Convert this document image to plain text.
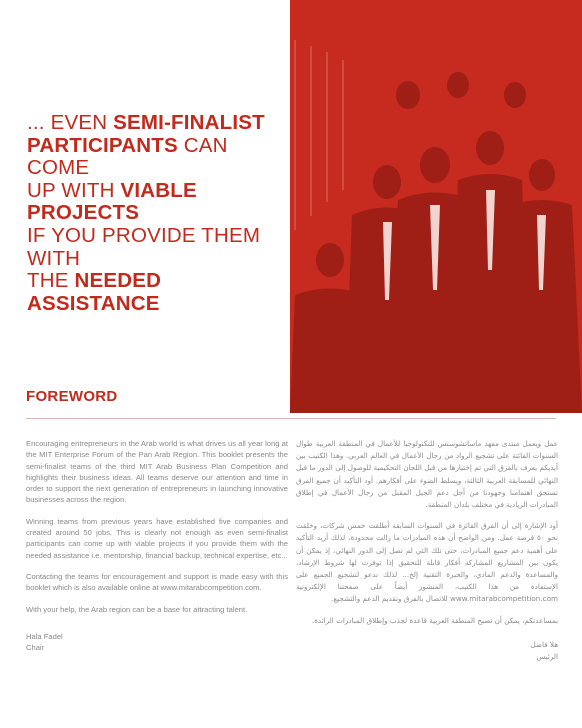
... EVEN SEMI-FINALIST
PARTICIPANTS CAN COME
UP WITH VIABLE PROJECTS
IF YOU PROVIDE THEM WITH
THE NEEDED ASSISTANCE
FOREWORD

Encouraging entrepreneurs in the Arab world is what drives us all year long at the MIT Enterprise Forum of the Pan Arab Region. This booklet presents the semi-finalist teams of the third MIT Arab Business Plan Competition and highlights their business ideas. All teams deserve our attention and time in order to support the next generation of entrepreneurs in launching innovative businesses across the region.

Winning teams from previous years have established five companies and created around 50 jobs. This is clearly not enough as even semi-finalist participants can come up with viable projects if you provide them with the needed assistance i.e. mentorship, financial backup, technical expertise, etc...

Contacting the teams for encouragement and support is made easy with this booklet which is also available online at www.mitarabcompetition.com.

With your help, the Arab region can be a base for attracting talent.

Hala Fadel
Chair

عمل ويعمل منتدى معهد ماساتشوستس للتكنولوجيا للأعمال في المنطقة العربية طوال السنوات الفائتة على تشجيع الرواد من رجال الأعمال في العالم العربي. وهذا الكتيب بين أيديكم يعرف بالفرق التي تم إختيارها من قبل اللجان التحكيمية للوصول إلى الدور ما قبل النهائي للمسابقة العربية الثالثة، ويسلط الضوء على أفكارهم. أود التأكيد أن جميع الفرق تستحق اهتمامنا وجهودنا من أجل دعم الجيل المقبل من رجال الأعمال في إطلاق المبادرات الريادية في مختلف بلدان المنطقة.

أود الإشارة إلى أن الفرق الفائزة في السنوات السابقة أطلقت خمس شركات، وخلقت نحو ٥٠ فرصة عمل. ومن الواضح أن هذه المبادرات ما زالت محدودة، لذلك أريد التأكيد على أهمية دعم جميع المبادرات، حتى تلك التي لم تصل إلى الدور النهائي، إذ يمكن أن يكون بين المشاريع المشاركة أفكار قابلة للتحقيق إذا توفرت لها شروط الإرشاد، والمساعدة والدعم المادي، والخبرة التقنية إلخ... لذلك ندعو لتشجيع الجميع على الإستفادة من هذا الكتيب، المنشور أيضاً على صفحتنا الإلكترونية www.mitarabcompetition.com للاتصال بالفرق وتقديم الدعم والتشجيع.

بمساعدتكم، يمكن أن تصبح المنطقة العربية قاعدة لجذب وإطلاق المبادرات الرائدة.

هلا فاضل
الرئيس
